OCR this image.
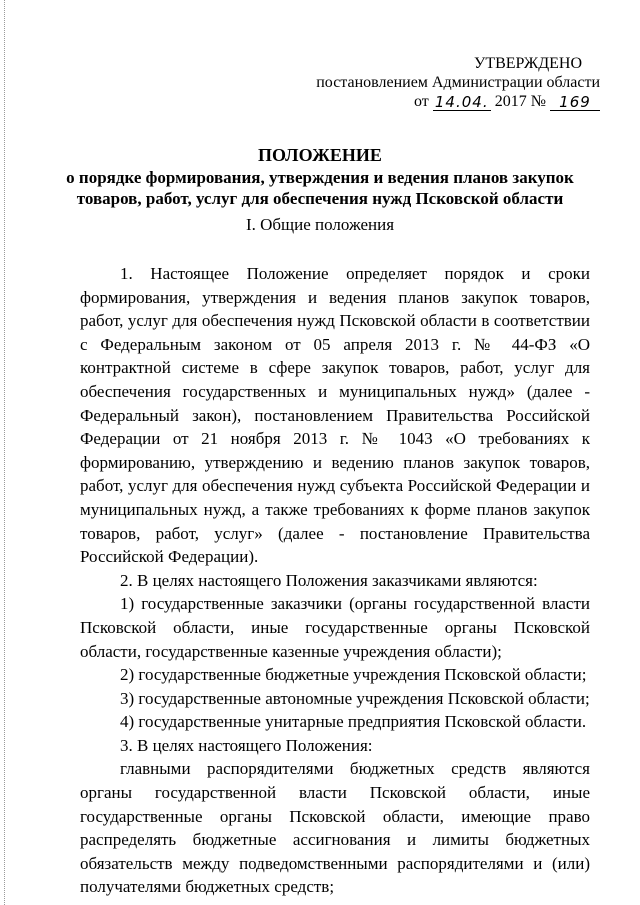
УТВЕРЖДЕНО
постановлением Администрации области
от 14.04. 2017 № 169
ПОЛОЖЕНИЕ
о порядке формирования, утверждения и ведения планов закупок
товаров, работ, услуг для обеспечения нужд Псковской области
I. Общие положения

1. Настоящее Положение определяет порядок и сроки формирования, утверждения и ведения планов закупок товаров, работ, услуг для обеспечения нужд Псковской области в соответствии с Федеральным законом от 05 апреля 2013 г. № 44-ФЗ «О контрактной системе в сфере закупок товаров, работ, услуг для обеспечения государственных и муниципальных нужд» (далее - Федеральный закон), постановлением Правительства Российской Федерации от 21 ноября 2013 г. № 1043 «О требованиях к формированию, утверждению и ведению планов закупок товаров, работ, услуг для обеспечения нужд субъекта Российской Федерации и муниципальных нужд, а также требованиях к форме планов закупок товаров, работ, услуг» (далее - постановление Правительства Российской Федерации).

2. В целях настоящего Положения заказчиками являются:

1) государственные заказчики (органы государственной власти Псковской области, иные государственные органы Псковской области, государственные казенные учреждения области);

2) государственные бюджетные учреждения Псковской области;

3) государственные автономные учреждения Псковской области;

4) государственные унитарные предприятия Псковской области.

3. В целях настоящего Положения:

главными распорядителями бюджетных средств являются органы государственной власти Псковской области, иные государственные органы Псковской области, имеющие право распределять бюджетные ассигнования и лимиты бюджетных обязательств между подведомственными распорядителями и (или) получателями бюджетных средств;
